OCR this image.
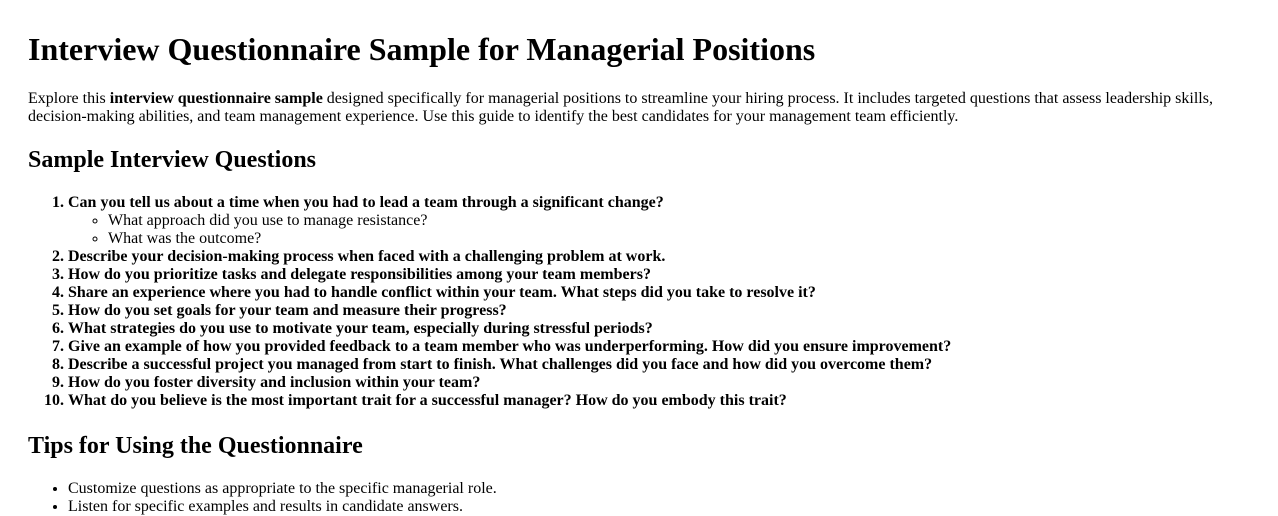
Interview Questionnaire Sample for Managerial Positions

Explore this interview questionnaire sample designed specifically for managerial positions to streamline your hiring process. It includes targeted questions that assess leadership skills, decision-making abilities, and team management experience. Use this guide to identify the best candidates for your management team efficiently.

Sample Interview Questions
1. Can you tell us about a time when you had to lead a team through a significant change?
◦ What approach did you use to manage resistance?
◦ What was the outcome?
2. Describe your decision-making process when faced with a challenging problem at work.
3. How do you prioritize tasks and delegate responsibilities among your team members?
4. Share an experience where you had to handle conflict within your team. What steps did you take to resolve it?
5. How do you set goals for your team and measure their progress?
6. What strategies do you use to motivate your team, especially during stressful periods?
7. Give an example of how you provided feedback to a team member who was underperforming. How did you ensure improvement?
8. Describe a successful project you managed from start to finish. What challenges did you face and how did you overcome them?
9. How do you foster diversity and inclusion within your team?
10. What do you believe is the most important trait for a successful manager? How do you embody this trait?
Tips for Using the Questionnaire
• Customize questions as appropriate to the specific managerial role.
• Listen for specific examples and results in candidate answers.
